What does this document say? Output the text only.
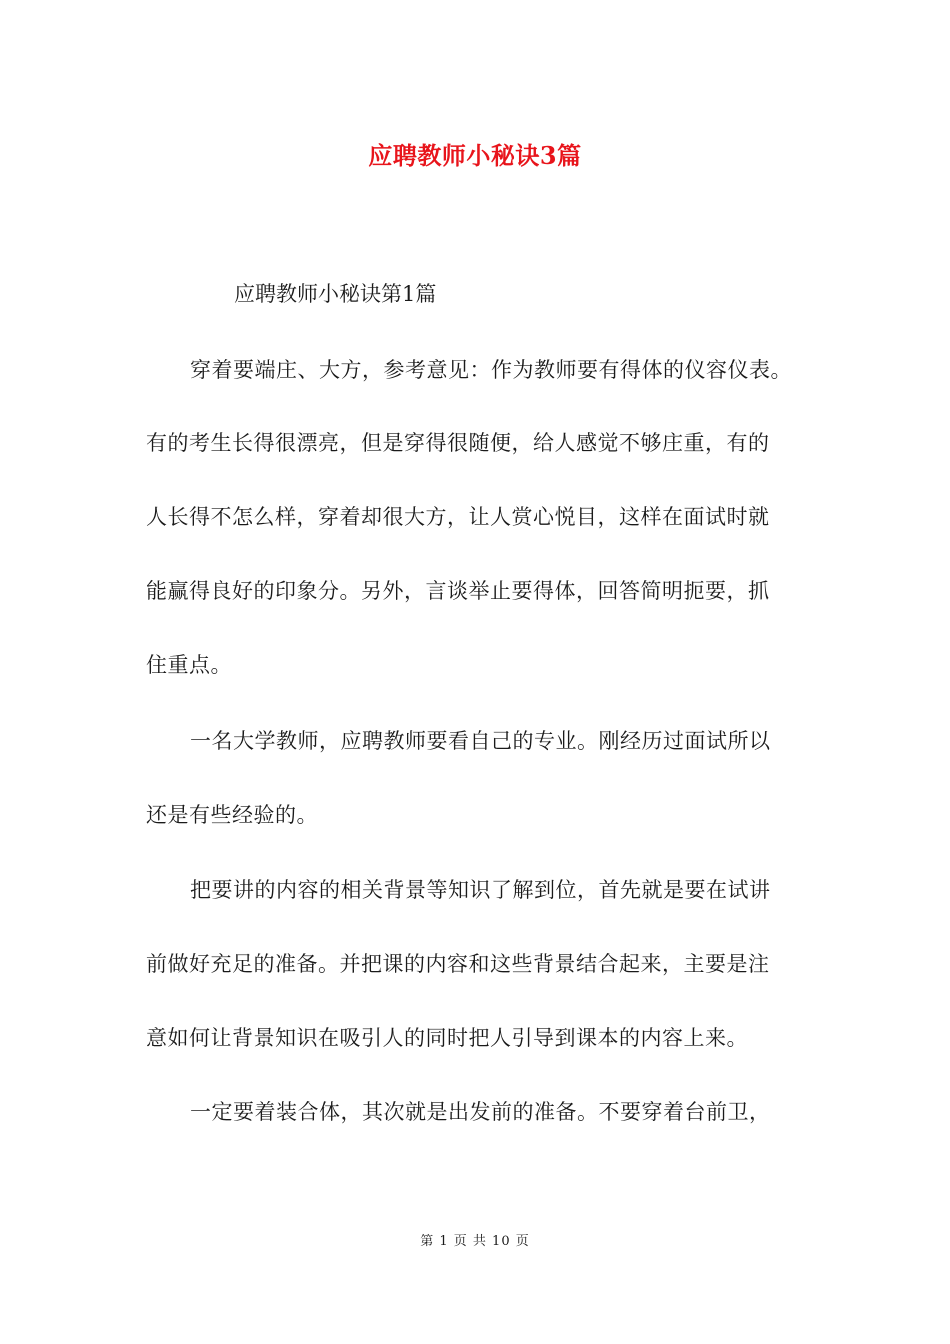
应聘教师小秘诀3篇
应聘教师小秘诀第1篇
穿着要端庄、大方，参考意见：作为教师要有得体的仪容仪表。
有的考生长得很漂亮，但是穿得很随便，给人感觉不够庄重，有的
人长得不怎么样，穿着却很大方，让人赏心悦目，这样在面试时就
能赢得良好的印象分。另外，言谈举止要得体，回答简明扼要，抓
住重点。
一名大学教师，应聘教师要看自己的专业。刚经历过面试所以
还是有些经验的。
把要讲的内容的相关背景等知识了解到位，首先就是要在试讲
前做好充足的准备。并把课的内容和这些背景结合起来，主要是注
意如何让背景知识在吸引人的同时把人引导到课本的内容上来。
一定要着装合体，其次就是出发前的准备。不要穿着台前卫，
第 1 页 共 10 页
